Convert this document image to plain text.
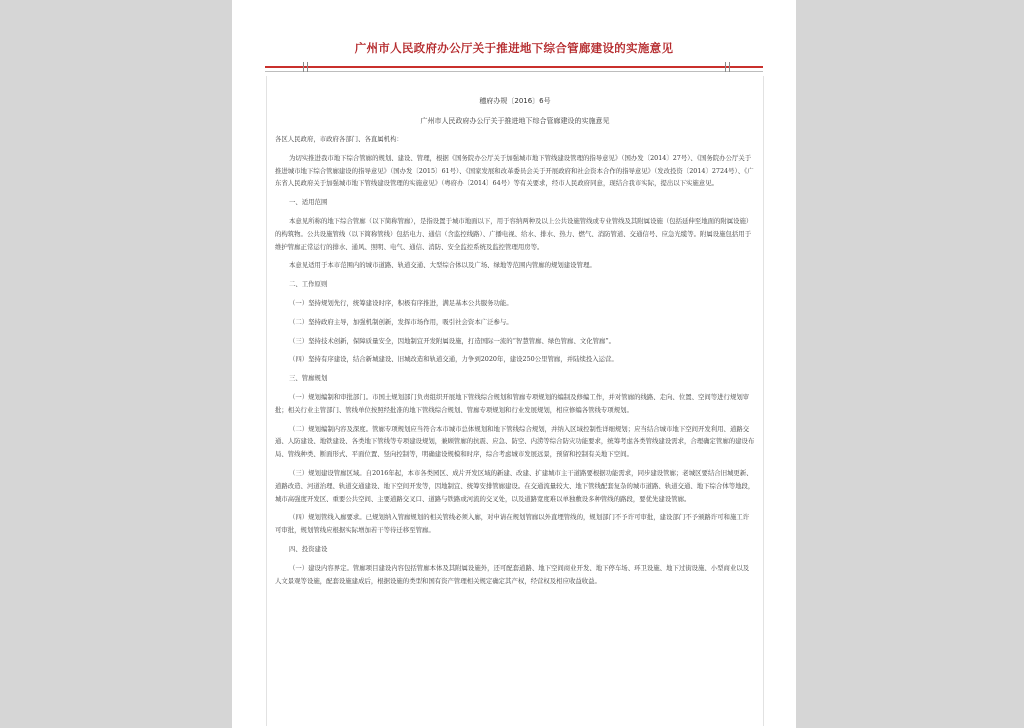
广州市人民政府办公厅关于推进地下综合管廊建设的实施意见
穗府办规〔2016〕6号
广州市人民政府办公厅关于推进地下综合管廊建设的实施意见

各区人民政府，市政府各部门、各直属机构：

为切实推进我市地下综合管廊的规划、建设、管理，根据《国务院办公厅关于加强城市地下管线建设管理的指导意见》（国办发〔2014〕27号）、《国务院办公厅关于推进城市地下综合管廊建设的指导意见》（国办发〔2015〕61号）、《国家发展和改革委员会关于开展政府和社会资本合作的指导意见》（发改投资〔2014〕2724号）、《广东省人民政府关于加强城市地下管线建设管理的实施意见》（粤府办〔2014〕64号）等有关要求，经市人民政府同意，现结合我市实际，提出以下实施意见。

一、适用范围

本意见所称的地下综合管廊（以下简称管廊），是指设置于城市地面以下，用于容纳两种及以上公共设施管线或专业管线及其附属设施（包括延伸至地面的附属设施）的构筑物。公共设施管线（以下简称管线）包括电力、通信（含监控线路）、广播电视、给水、排水、热力、燃气、消防管道、交通信号、应急光缆等。附属设施包括用于维护管廊正常运行的排水、通风、照明、电气、通信、消防、安全监控系统及监控管理用房等。

本意见适用于本市范围内的城市道路、轨道交通、大型综合体以及广场、绿地等范围内管廊的规划建设管理。

二、工作原则

（一）坚持规划先行，统筹建设时序，积极有序推进，满足基本公共服务功能。

（二）坚持政府主导，加强机制创新，发挥市场作用，吸引社会资本广泛参与。

（三）坚持技术创新，保障质量安全，因地制宜开发附属设施，打造国际一流的“智慧管廊、绿色管廊、文化管廊”。

（四）坚持有序建设，结合新城建设、旧城改造和轨道交通，力争到2020年，建设250公里管廊，并陆续投入运营。

三、管廊规划

（一）规划编制和审批部门。市国土规划部门负责组织开展地下管线综合规划和管廊专项规划的编制及修编工作，并对管廊的线路、走向、位置、空间等进行规划审批；相关行业主管部门、管线单位按照经批准的地下管线综合规划、管廊专项规划和行业发展规划，相应修编各管线专项规划。

（二）规划编制内容及深度。管廊专项规划应当符合本市城市总体规划和地下管线综合规划，并纳入区域控制性详细规划；应当结合城市地下空间开发利用、道路交通、人防建设、地铁建设、各类地下管线等专项建设规划，兼顾管廊的抗震、应急、防空、内涝等综合防灾功能要求，统筹考虑各类管线建设需求，合理确定管廊的建设布局、管线种类、断面形式、平面位置、竖向控制等，明确建设规模和时序，综合考虑城市发展远景，预留和控制有关地下空间。

（三）规划建设管廊区域。自2016年起，本市各类园区、成片开发区域的新建、改建、扩建城市主干道路要根据功能需求，同步建设管廊；老城区要结合旧城更新、道路改造、河道治理、轨道交通建设、地下空间开发等，因地制宜、统筹安排管廊建设。在交通流量较大、地下管线配套复杂的城市道路、轨道交通、地下综合体等地段，城市高强度开发区、重要公共空间、主要道路交叉口、道路与铁路或河流的交叉处，以及道路宽度难以单独敷设多种管线的路段，要优先建设管廊。

（四）规划管线入廊要求。已规划纳入管廊规划的相关管线必须入廊，对申请在规划管廊以外直埋管线的，规划部门不予许可审批，建设部门不予颁路许可和施工许可审批，规划管线应根据实际增加若干等待迁移至管廊。

四、投资建设

（一）建设内容界定。管廊项目建设内容包括管廊本体及其附属设施外，还可配套道路、地下空间商业开发、地下停车场、环卫设施、地下过街设施、小型商业以及人文景观等设施，配套设施建成后，根据设施的类型和国有资产管理相关规定确定其产权，经营权及相应收益收益。
